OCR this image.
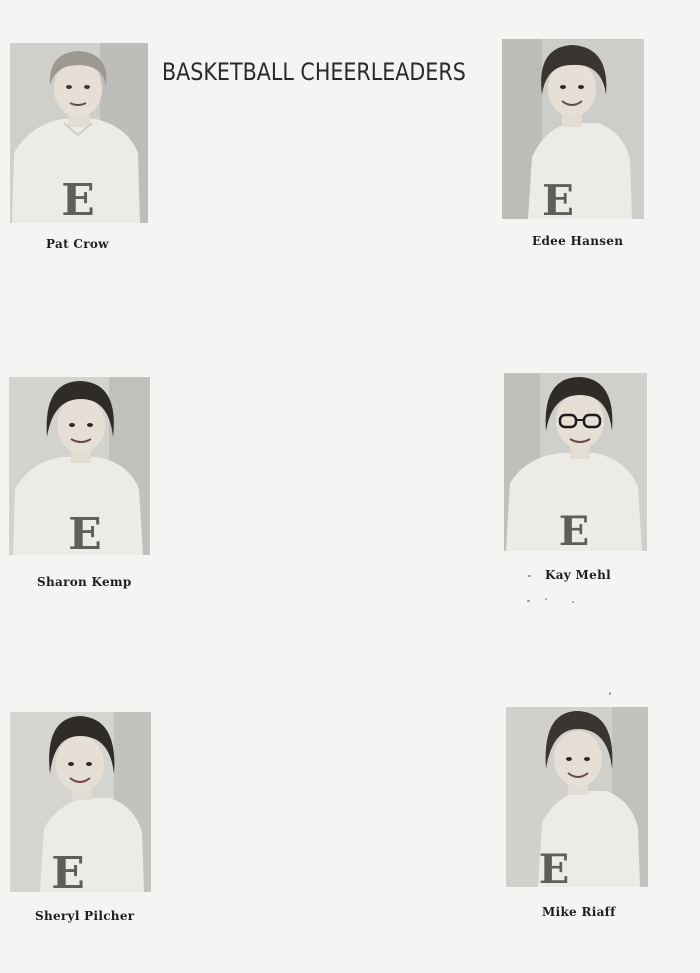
BASKETBALL CHEERLEADERS
E
Pat Crow
E
Edee Hansen
E
Sharon Kemp
E
Kay Mehl
E
Sheryl Pilcher
E
Mike Riaff
